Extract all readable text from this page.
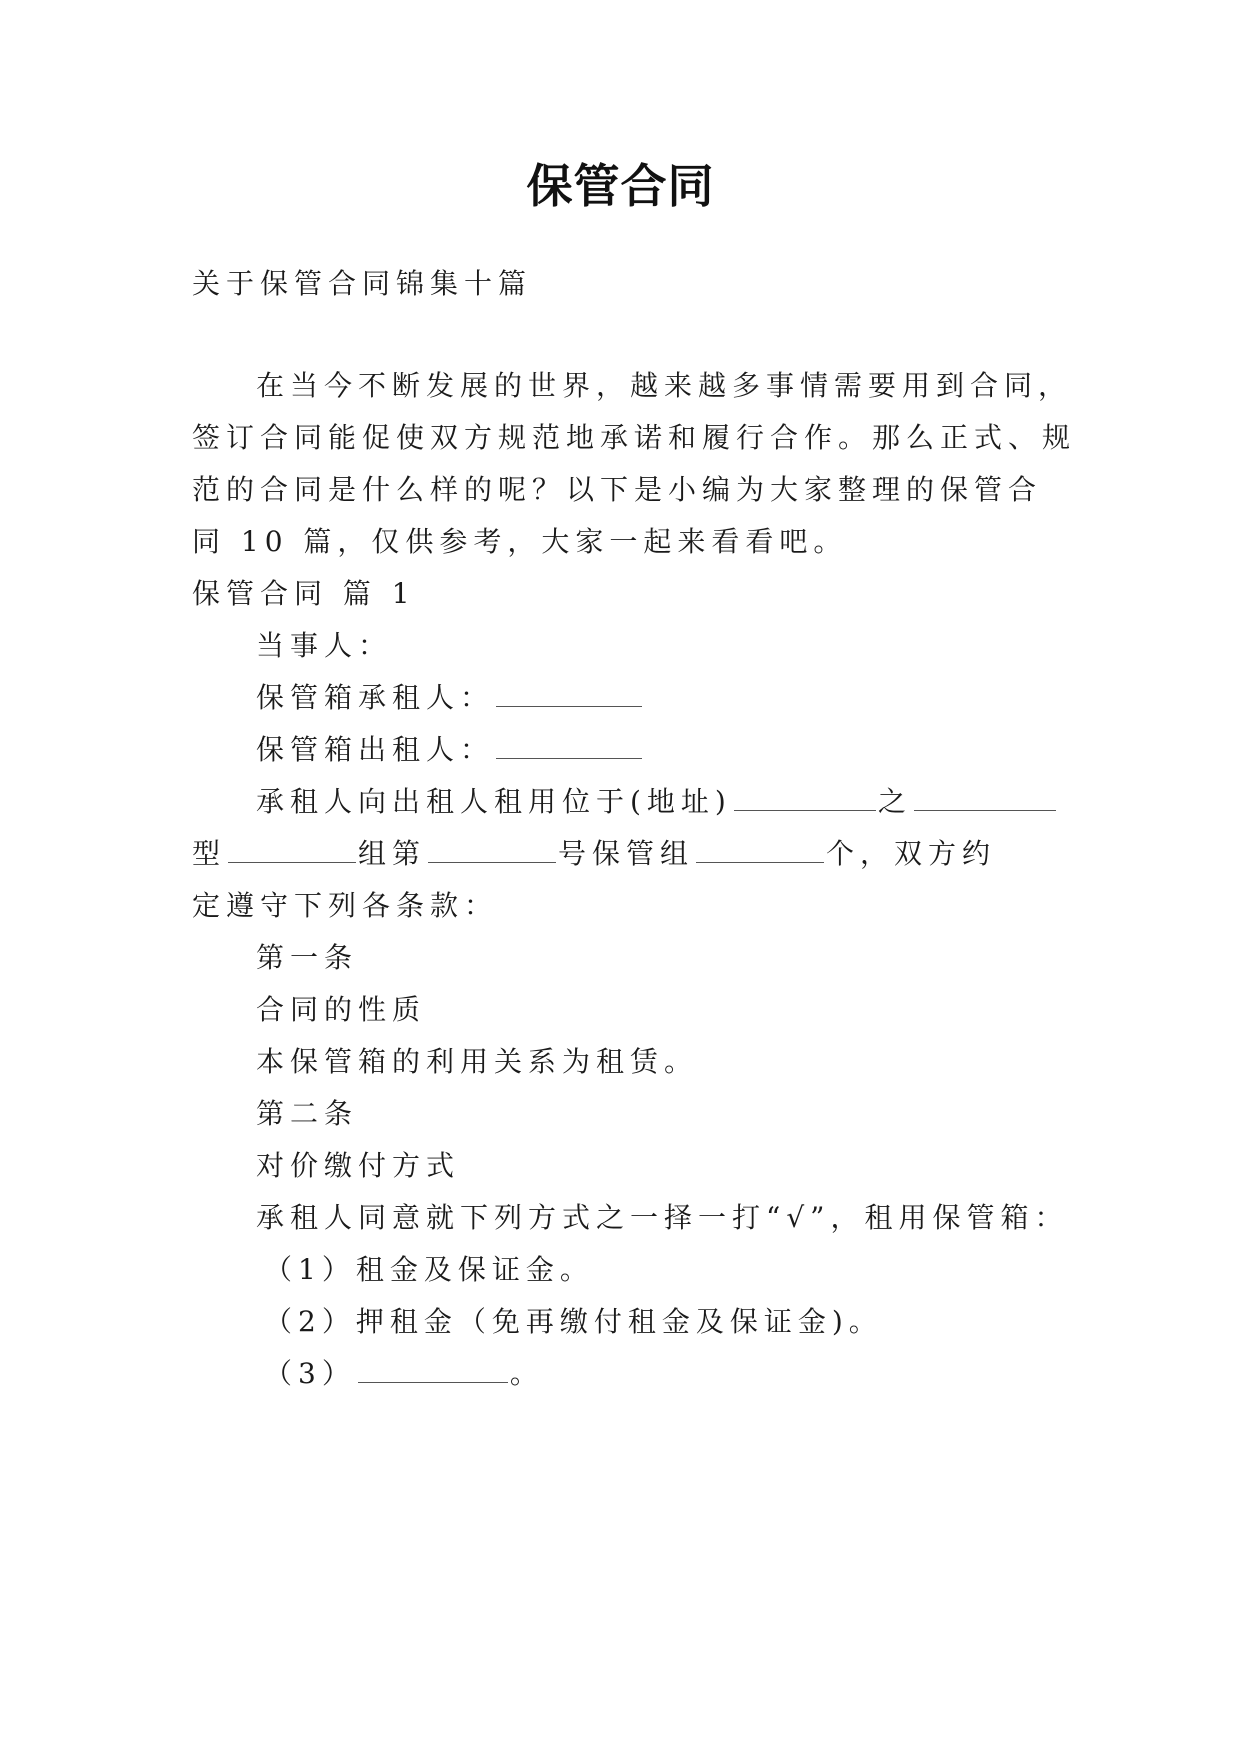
保管合同
关于保管合同锦集十篇
在当今不断发展的世界，越来越多事情需要用到合同，
签订合同能促使双方规范地承诺和履行合作。那么正式、规
范的合同是什么样的呢？以下是小编为大家整理的保管合
同 10 篇，仅供参考，大家一起来看看吧。
保管合同 篇 1
当事人：
保管箱承租人：
保管箱出租人：
承租人向出租人租用位于(地址)	之
型	组第	号保管组	个，双方约
定遵守下列各条款：
第一条
合同的性质
本保管箱的利用关系为租赁。
第二条
对价缴付方式
承租人同意就下列方式之一择一打“√”，租用保管箱：
（1）租金及保证金。
（2）押租金（免再缴付租金及保证金)。
（3）	。
